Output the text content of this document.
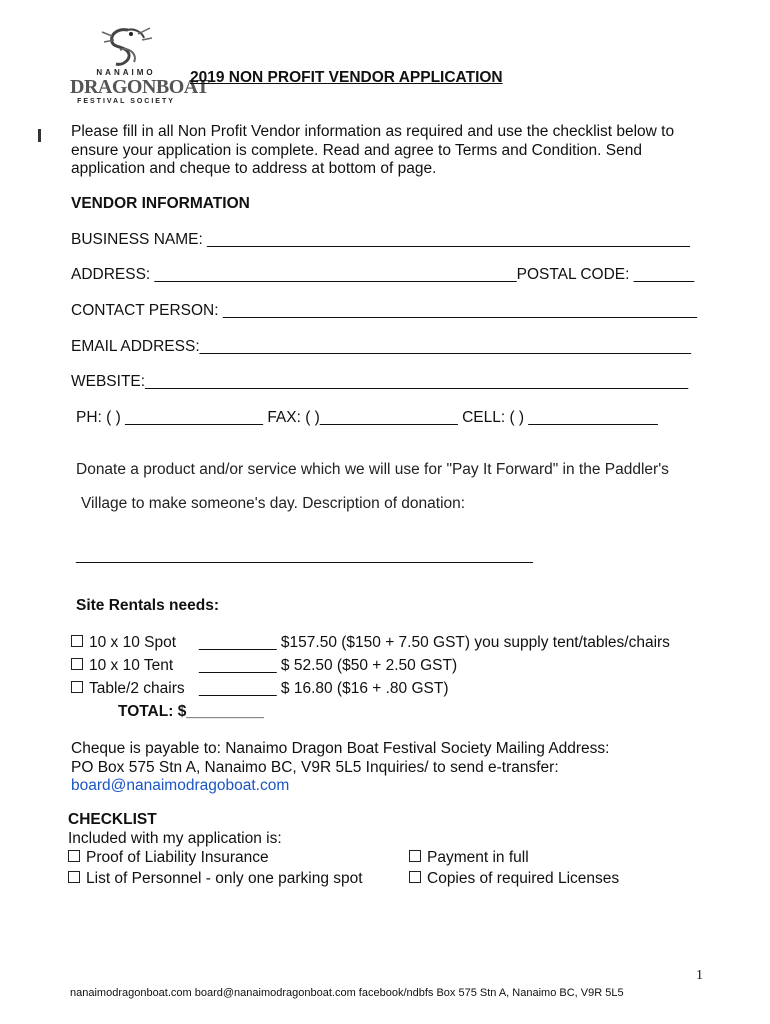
NANAIMO
DRAGONBOAT
FESTIVAL SOCIETY
2019 NON PROFIT VENDOR APPLICATION
Please fill in all Non Profit Vendor information as required and use the checklist below to
ensure your application is complete. Read and agree to Terms and Condition. Send
application and cheque to address at bottom of page.
VENDOR INFORMATION
BUSINESS NAME: ________________________________________________________
ADDRESS: __________________________________________POSTAL CODE: _______
CONTACT PERSON: _______________________________________________________
EMAIL ADDRESS:_________________________________________________________
WEBSITE:_______________________________________________________________
PH: ( ) ________________ FAX: ( )________________ CELL: ( ) _______________
Donate a product and/or service which we will use for "Pay It Forward" in the Paddler's
Village to make someone's day. Description of donation:
_____________________________________________________
Site Rentals needs:
10 x 10 Spot _________ $157.50 ($150 + 7.50 GST) you supply tent/tables/chairs
10 x 10 Tent _________ $ 52.50 ($50 + 2.50 GST)
Table/2 chairs _________ $ 16.80 ($16 + .80 GST)
TOTAL: $_________
Cheque is payable to: Nanaimo Dragon Boat Festival Society Mailing Address:
PO Box 575 Stn A, Nanaimo BC, V9R 5L5 Inquiries/ to send e-transfer:
board@nanaimodragoboat.com
CHECKLIST
Included with my application is:
Proof of Liability Insurance	Payment in full
List of Personnel - only one parking spot	Copies of required Licenses
1
nanaimodragonboat.com board@nanaimodragonboat.com facebook/ndbfs Box 575 Stn A, Nanaimo BC, V9R 5L5
